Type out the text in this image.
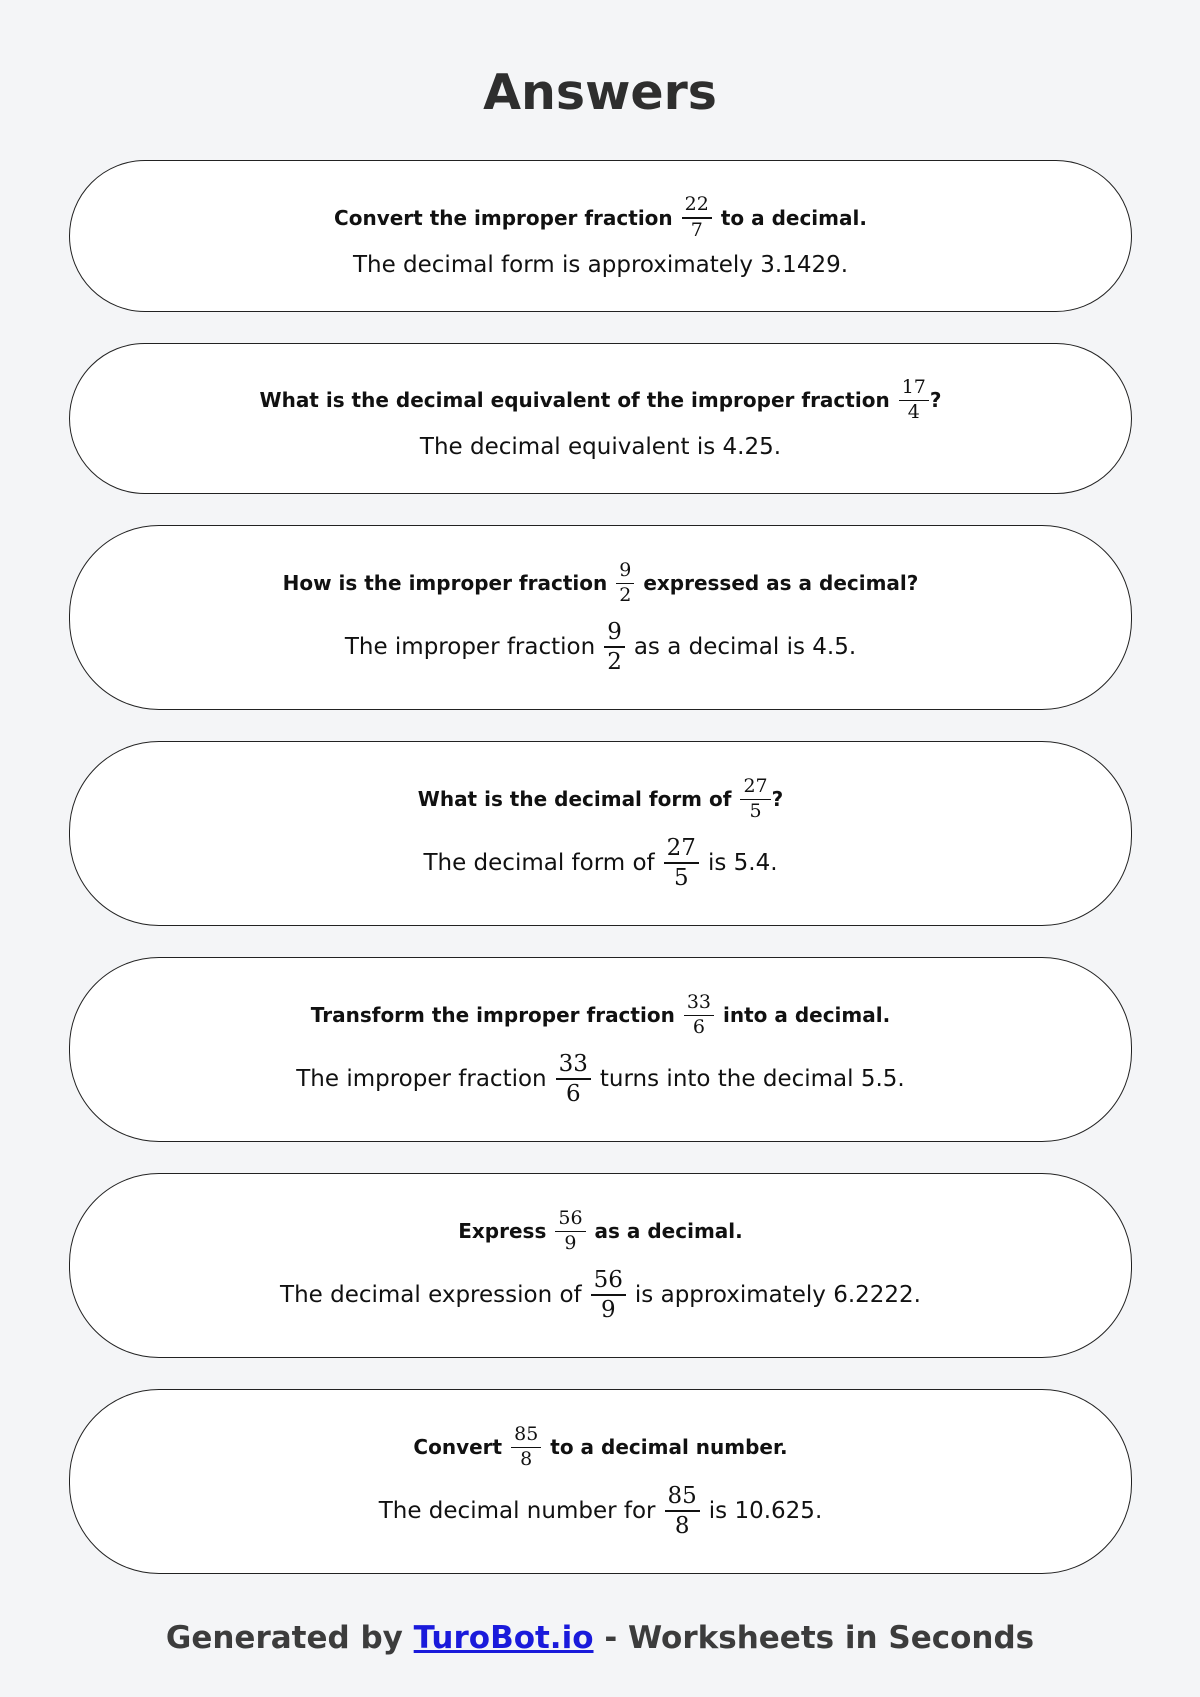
Answers
Convert the improper fraction $\frac{22}{7}$ to a decimal.
The decimal form is approximately 3.1429.
What is the decimal equivalent of the improper fraction $\frac{17}{4}$ ?
The decimal equivalent is 4.25.
How is the improper fraction $\frac{9}{2}$ expressed as a decimal?
The improper fraction $\frac{9}{2}$ as a decimal is 4.5.
What is the decimal form of $\frac{27}{5}$ ?
The decimal form of $\frac{27}{5}$ is 5.4.
Transform the improper fraction $\frac{33}{6}$ into a decimal.
The improper fraction $\frac{33}{6}$ turns into the decimal 5.5.
Express $\frac{56}{9}$ as a decimal.
The decimal expression of $\frac{56}{9}$ is approximately 6.2222.
Convert $\frac{85}{8}$ to a decimal number.
The decimal number for $\frac{85}{8}$ is 10.625.
Generated by TuroBot.io - Worksheets in Seconds
